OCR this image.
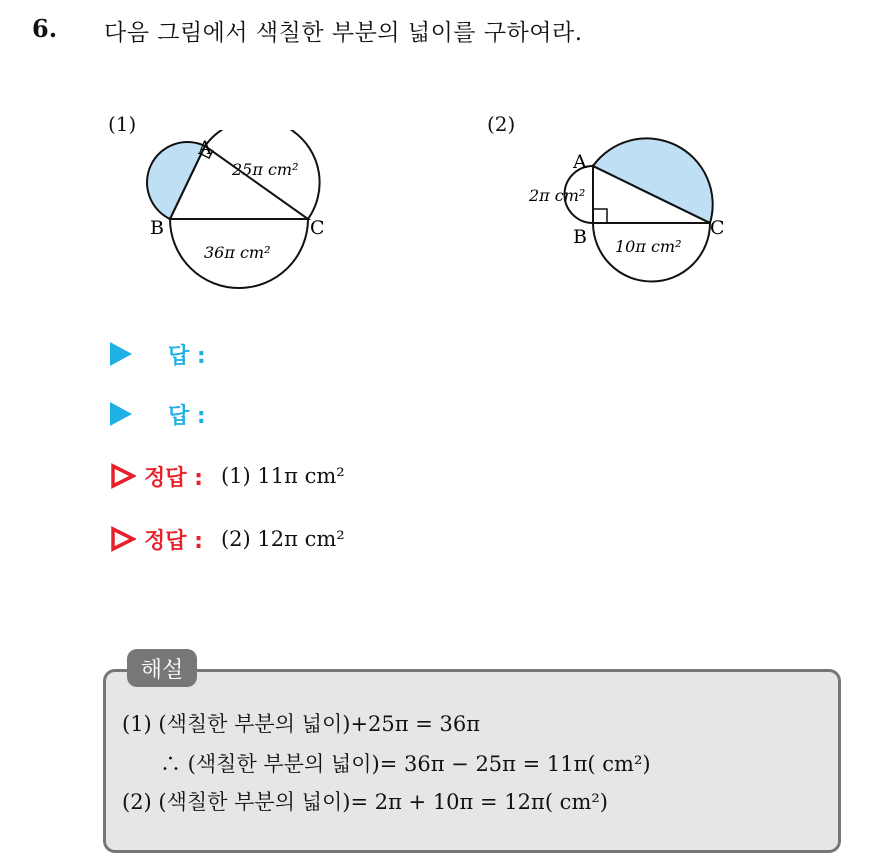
6. 다음 그림에서 색칠한 부분의 넓이를 구하여라.
(1)
A
B	C
25π cm²
36π cm²
(2)
A
B	C
2π cm²
10π cm²
답 :
답 :
정답 : (1) 11π cm²
정답 : (2) 12π cm²
해설
(1) (색칠한 부분의 넓이)+25π = 36π
∴ (색칠한 부분의 넓이)= 36π − 25π = 11π( cm²)
(2) (색칠한 부분의 넓이)= 2π + 10π = 12π( cm²)
